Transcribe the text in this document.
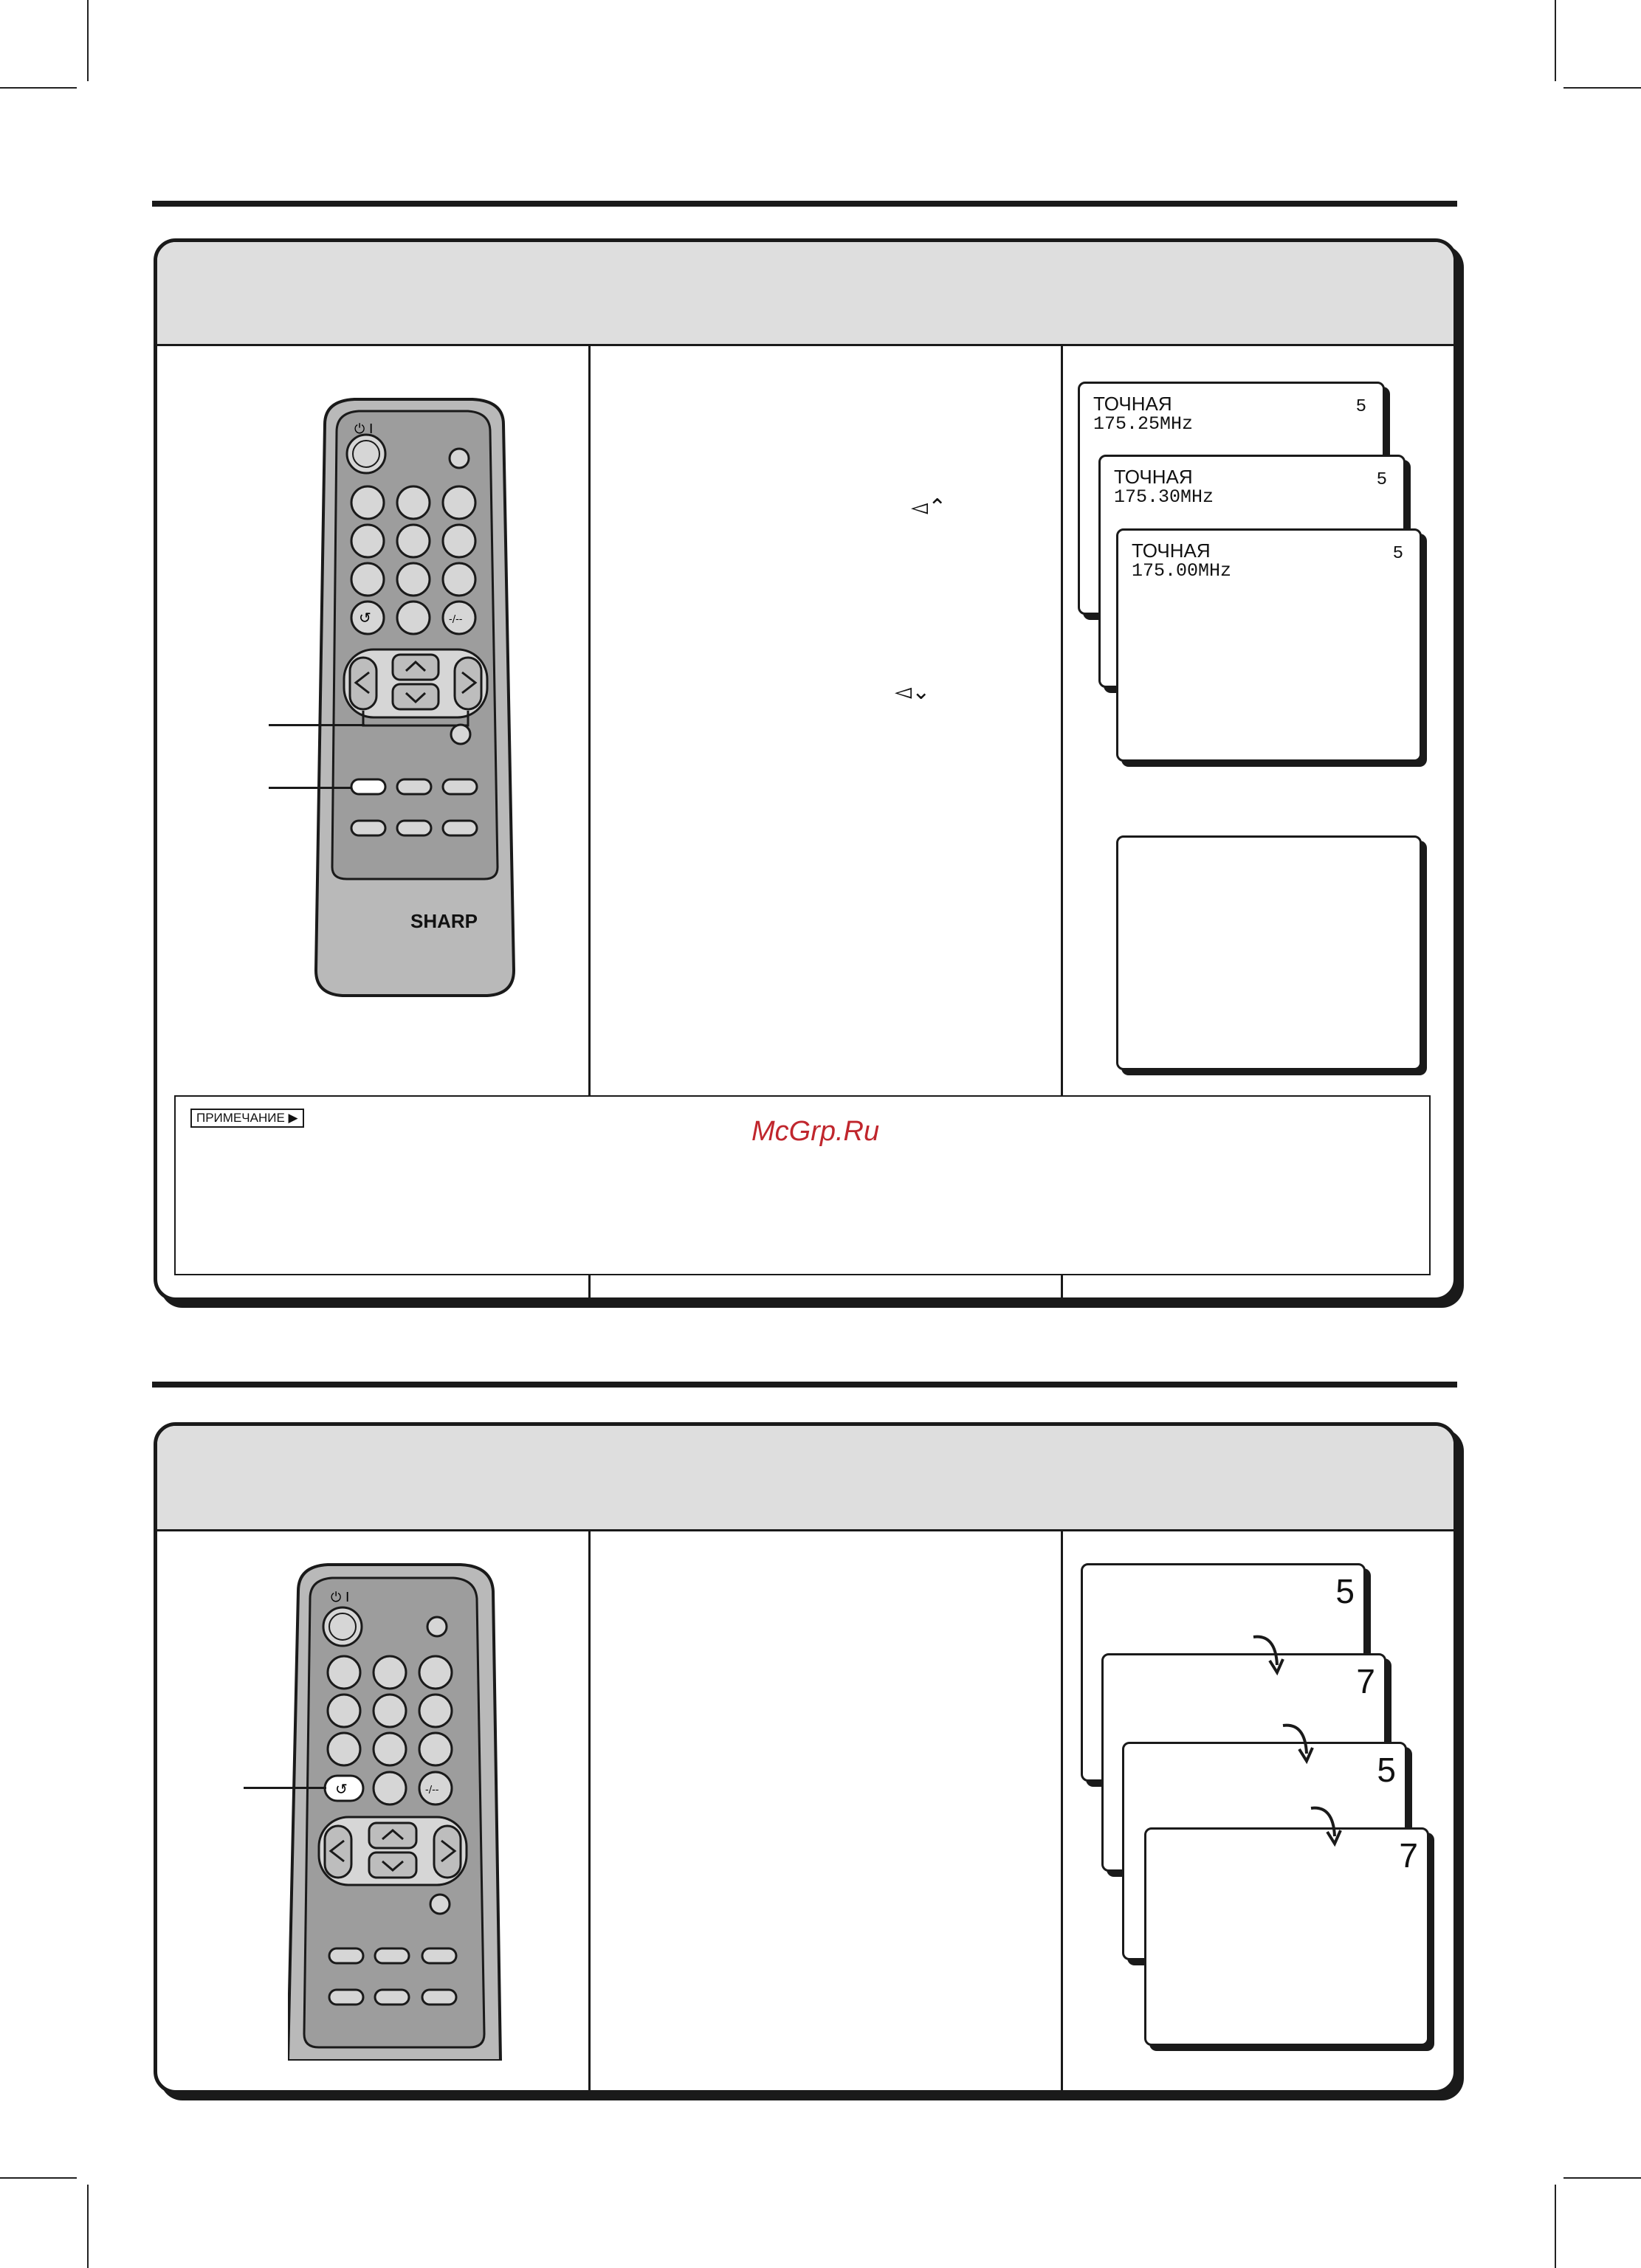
⏻ I
↺	-/--
SHARP
◅⌃
◅⌄
ТОЧНАЯ
175.25MHz
5
ТОЧНАЯ
175.30MHz
5
ТОЧНАЯ
175.00MHz
5
ПРИМЕЧАНИЕ ▶	McGrp.Ru
⏻ I
↺	-/--
5
7
5
7
